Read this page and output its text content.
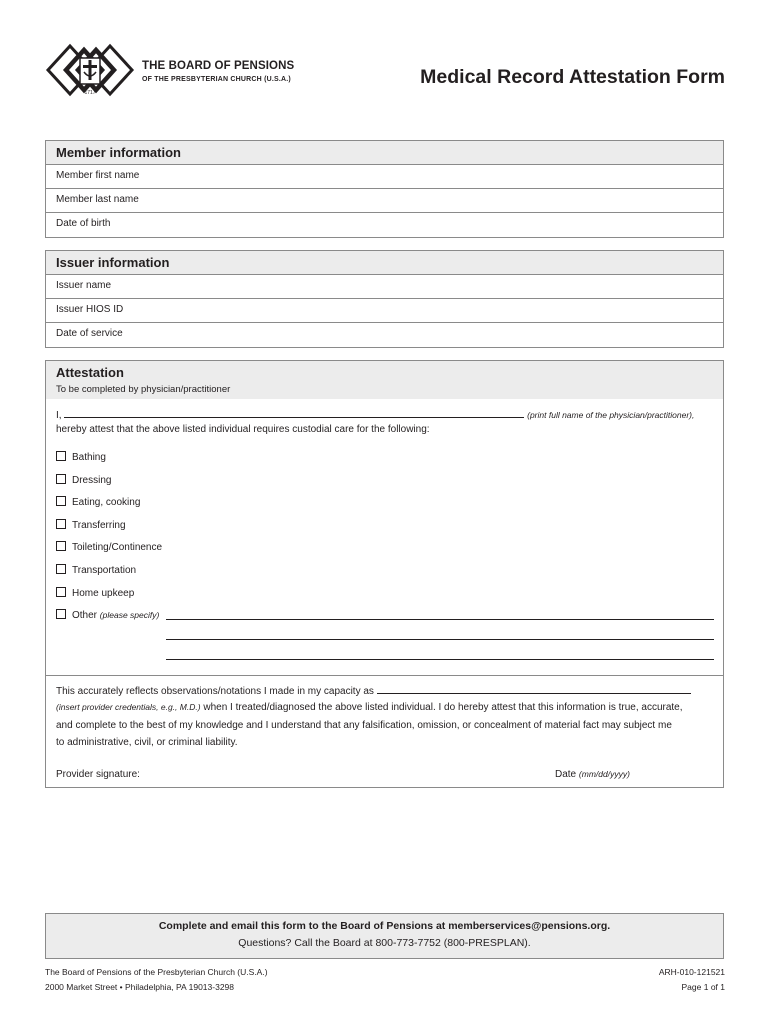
1717
THE BOARD OF PENSIONS
OF THE PRESBYTERIAN CHURCH (U.S.A.)	Medical Record Attestation Form
Member information
Member first name
Member last name
Date of birth
Issuer information
Issuer name
Issuer HIOS ID
Date of service
Attestation
To be completed by physician/practitioner
I,	(print full name of the physician/practitioner),
hereby attest that the above listed individual requires custodial care for the following:
Bathing
Dressing
Eating, cooking
Transferring
Toileting/Continence
Transportation
Home upkeep
Other (please specify)
This accurately reflects observations/notations I made in my capacity as
(insert provider credentials, e.g., M.D.) when I treated/diagnosed the above listed individual. I do hereby attest that this information is true, accurate,
and complete to the best of my knowledge and I understand that any falsification, omission, or concealment of material fact may subject me
to administrative, civil, or criminal liability.
Provider signature:	Date (mm/dd/yyyy)
Complete and email this form to the Board of Pensions at memberservices@pensions.org.
Questions? Call the Board at 800-773-7752 (800-PRESPLAN).
The Board of Pensions of the Presbyterian Church (U.S.A.)
2000 Market Street • Philadelphia, PA 19013-3298
ARH-010-121521
Page 1 of 1
